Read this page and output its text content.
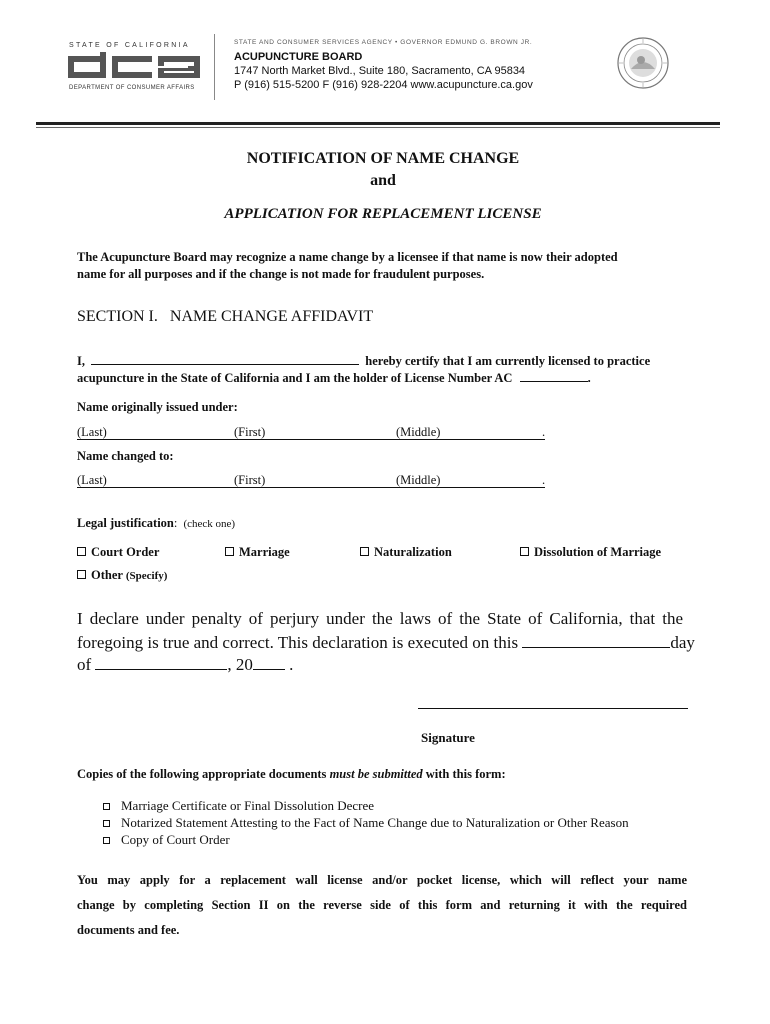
STATE OF CALIFORNIA
DEPARTMENT OF CONSUMER AFFAIRS
STATE AND CONSUMER SERVICES AGENCY • GOVERNOR EDMUND G. BROWN JR.
ACUPUNCTURE BOARD
1747 North Market Blvd., Suite 180, Sacramento, CA 95834
P (916) 515-5200 F (916) 928-2204 www.acupuncture.ca.gov
NOTIFICATION OF NAME CHANGE
and
APPLICATION FOR REPLACEMENT LICENSE
The Acupuncture Board may recognize a name change by a licensee if that name is now their adopted
name for all purposes and if the change is not made for fraudulent purposes.
SECTION I.   NAME CHANGE AFFIDAVIT
I,	hereby certify that I am currently licensed to practice
acupuncture in the State of California and I am the holder of License Number AC	.
Name originally issued under:
(Last)	(First)	(Middle)	.
Name changed to:
(Last)	(First)	(Middle)	.
Legal justification: (check one)
Court Order	Marriage	Naturalization	Dissolution of Marriage
Other (Specify)
I declare under penalty of perjury under the laws of the State of California, that the
foregoing is true and correct. This declaration is executed on this	day
of	, 20 .
Signature
Copies of the following appropriate documents must be submitted with this form:
Marriage Certificate or Final Dissolution Decree
Notarized Statement Attesting to the Fact of Name Change due to Naturalization or Other Reason
Copy of Court Order
You may apply for a replacement wall license and/or pocket license, which will reflect your name
change by completing Section II on the reverse side of this form and returning it with the required
documents and fee.
